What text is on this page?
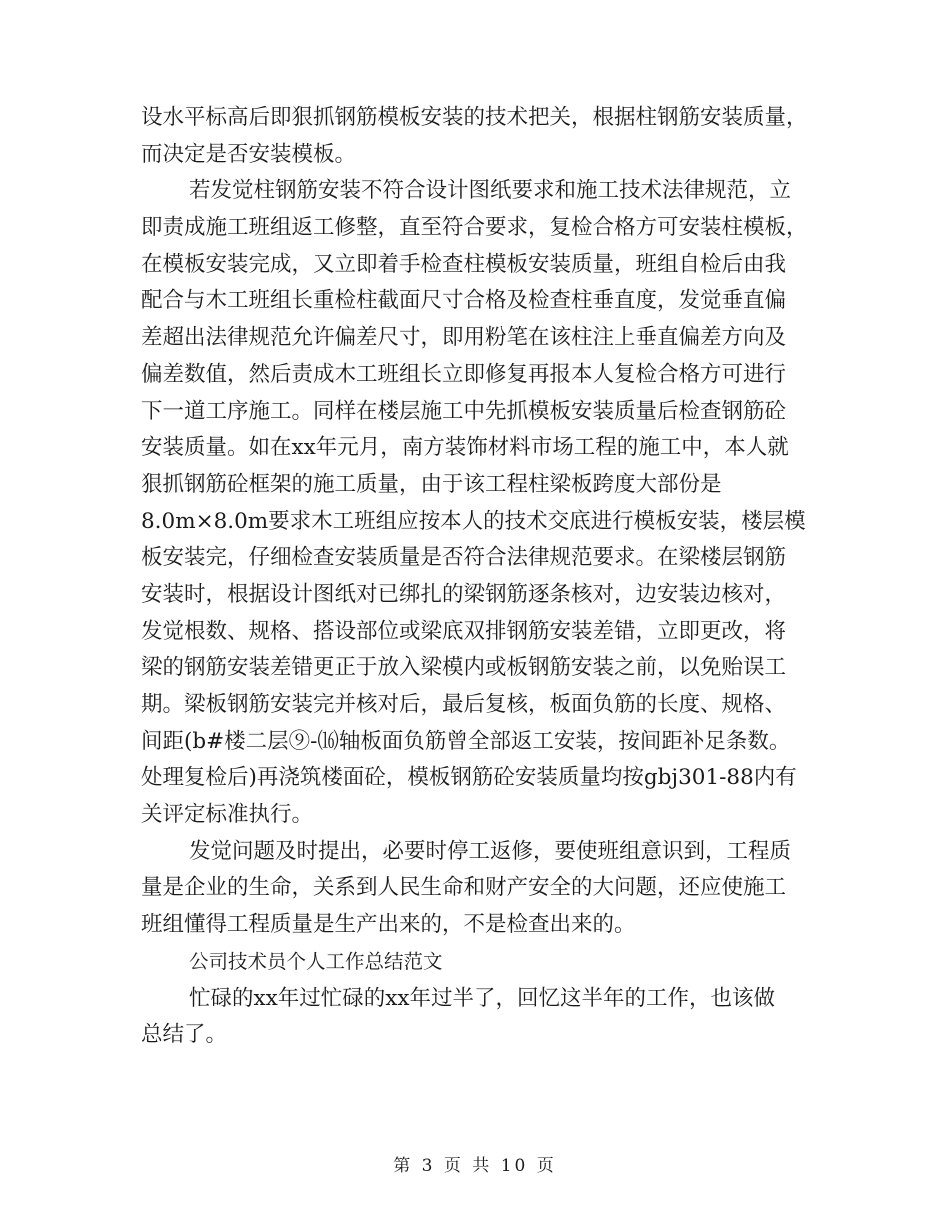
设水平标高后即狠抓钢筋模板安装的技术把关，根据柱钢筋安装质量，
而决定是否安装模板。
若发觉柱钢筋安装不符合设计图纸要求和施工技术法律规范，立
即责成施工班组返工修整，直至符合要求，复检合格方可安装柱模板，
在模板安装完成，又立即着手检查柱模板安装质量，班组自检后由我
配合与木工班组长重检柱截面尺寸合格及检查柱垂直度，发觉垂直偏
差超出法律规范允许偏差尺寸，即用粉笔在该柱注上垂直偏差方向及
偏差数值，然后责成木工班组长立即修复再报本人复检合格方可进行
下一道工序施工。同样在楼层施工中先抓模板安装质量后检查钢筋砼
安装质量。如在xx年元月，南方装饰材料市场工程的施工中，本人就
狠抓钢筋砼框架的施工质量，由于该工程柱梁板跨度大部份是
8.0m×8.0m要求木工班组应按本人的技术交底进行模板安装，楼层模
板安装完，仔细检查安装质量是否符合法律规范要求。在梁楼层钢筋
安装时，根据设计图纸对已绑扎的梁钢筋逐条核对，边安装边核对，
发觉根数、规格、搭设部位或梁底双排钢筋安装差错，立即更改，将
梁的钢筋安装差错更正于放入梁模内或板钢筋安装之前，以免贻误工
期。梁板钢筋安装完并核对后，最后复核，板面负筋的长度、规格、
间距(b#楼二层⑨-⒃轴板面负筋曾全部返工安装，按间距补足条数。
处理复检后)再浇筑楼面砼，模板钢筋砼安装质量均按gbj301-88内有
关评定标准执行。
发觉问题及时提出，必要时停工返修，要使班组意识到，工程质
量是企业的生命，关系到人民生命和财产安全的大问题，还应使施工
班组懂得工程质量是生产出来的，不是检查出来的。
公司技术员个人工作总结范文
忙碌的xx年过忙碌的xx年过半了，回忆这半年的工作，也该做
总结了。
第 3 页 共 10 页
